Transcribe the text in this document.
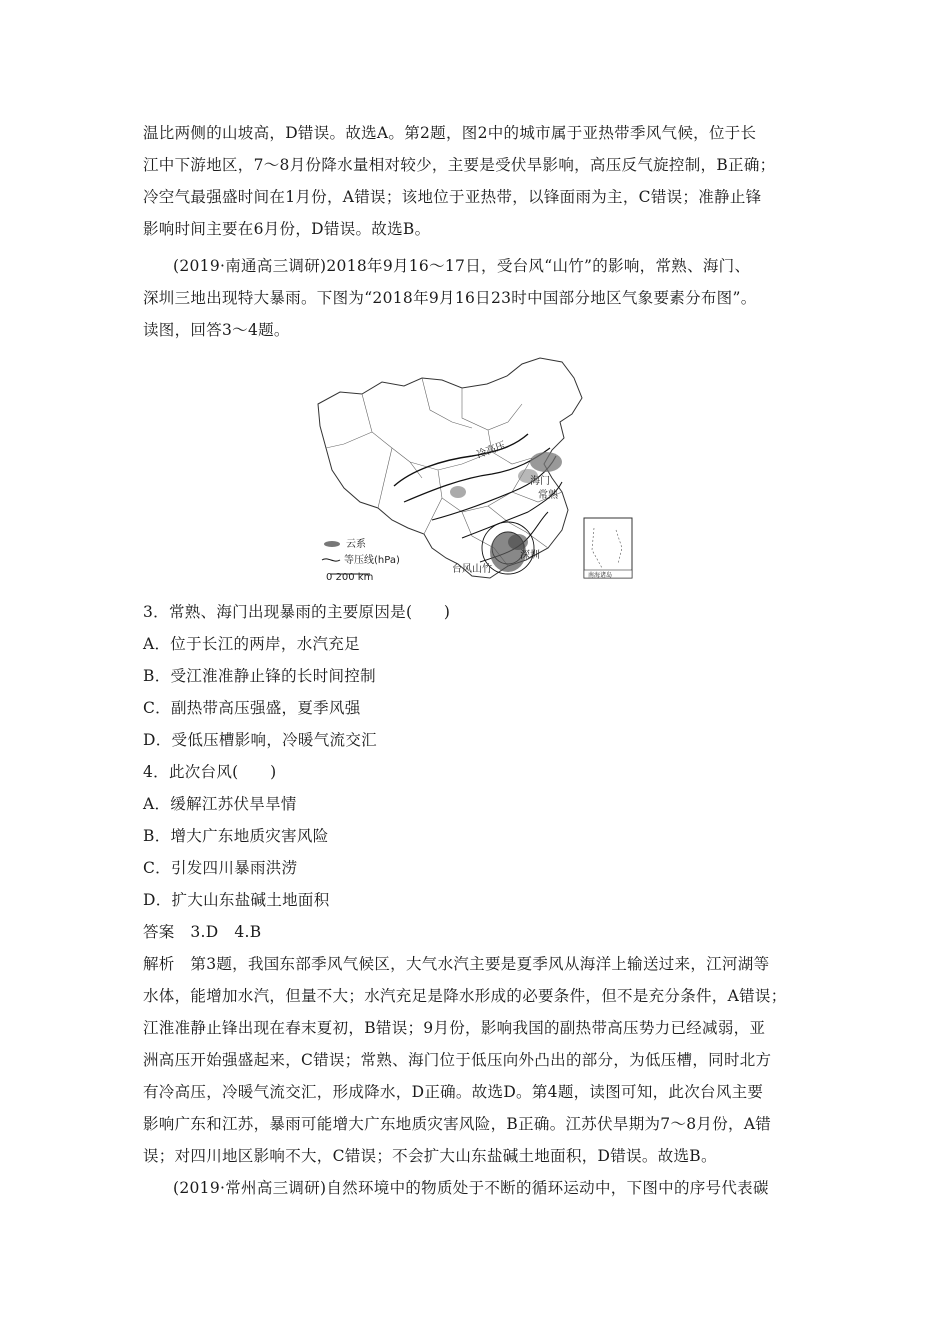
温比两侧的山坡高，D错误。故选A。第2题，图2中的城市属于亚热带季风气候，位于长
江中下游地区，7～8月份降水量相对较少，主要是受伏旱影响，高压反气旋控制，B正确；
冷空气最强盛时间在1月份，A错误；该地位于亚热带，以锋面雨为主，C错误；准静止锋
影响时间主要在6月份，D错误。故选B。
(2019·南通高三调研)2018年9月16～17日，受台风“山竹”的影响，常熟、海门、
深圳三地出现特大暴雨。下图为“2018年9月16日23时中国部分地区气象要素分布图”。
读图，回答3～4题。
冷高压
海门
常熟
深圳
台风山竹
云系
等压线(hPa)
0 200 km	南海诸岛
3．常熟、海门出现暴雨的主要原因是(　　)
A．位于长江的两岸，水汽充足
B．受江淮准静止锋的长时间控制
C．副热带高压强盛，夏季风强
D．受低压槽影响，冷暖气流交汇
4．此次台风(　　)
A．缓解江苏伏旱旱情
B．增大广东地质灾害风险
C．引发四川暴雨洪涝
D．扩大山东盐碱土地面积
答案　3.D　4.B
解析　第3题，我国东部季风气候区，大气水汽主要是夏季风从海洋上输送过来，江河湖等
水体，能增加水汽，但量不大；水汽充足是降水形成的必要条件，但不是充分条件，A错误；
江淮准静止锋出现在春末夏初，B错误；9月份，影响我国的副热带高压势力已经减弱，亚
洲高压开始强盛起来，C错误；常熟、海门位于低压向外凸出的部分，为低压槽，同时北方
有冷高压，冷暖气流交汇，形成降水，D正确。故选D。第4题，读图可知，此次台风主要
影响广东和江苏，暴雨可能增大广东地质灾害风险，B正确。江苏伏旱期为7～8月份，A错
误；对四川地区影响不大，C错误；不会扩大山东盐碱土地面积，D错误。故选B。
(2019·常州高三调研)自然环境中的物质处于不断的循环运动中，下图中的序号代表碳
